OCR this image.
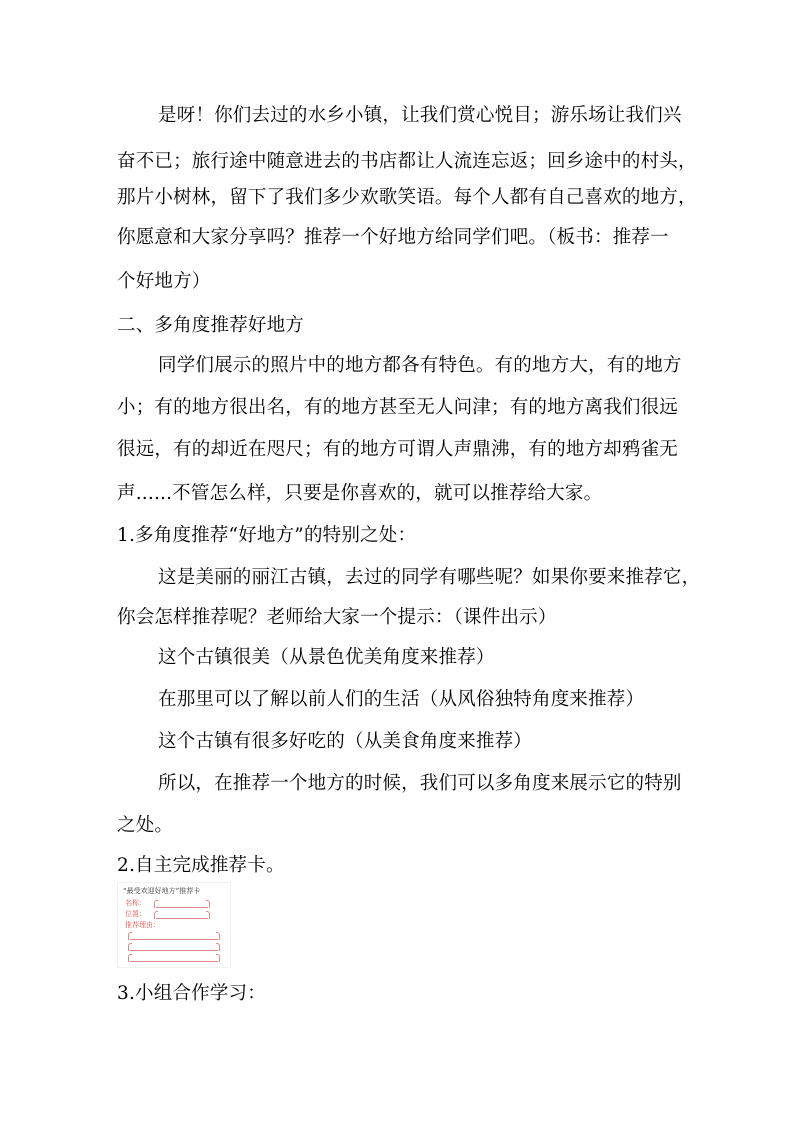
是呀！你们去过的水乡小镇，让我们赏心悦目；游乐场让我们兴
奋不已；旅行途中随意进去的书店都让人流连忘返；回乡途中的村头，
那片小树林，留下了我们多少欢歌笑语。每个人都有自己喜欢的地方，
你愿意和大家分享吗？推荐一个好地方给同学们吧。（板书：推荐一
个好地方）
二、多角度推荐好地方
同学们展示的照片中的地方都各有特色。有的地方大，有的地方
小；有的地方很出名，有的地方甚至无人问津；有的地方离我们很远
很远，有的却近在咫尺；有的地方可谓人声鼎沸，有的地方却鸦雀无
声......不管怎么样，只要是你喜欢的，就可以推荐给大家。
1.多角度推荐“好地方”的特别之处：
这是美丽的丽江古镇，去过的同学有哪些呢？如果你要来推荐它，
你会怎样推荐呢？老师给大家一个提示：（课件出示）
这个古镇很美（从景色优美角度来推荐）
在那里可以了解以前人们的生活（从风俗独特角度来推荐）
这个古镇有很多好吃的（从美食角度来推荐）
所以，在推荐一个地方的时候，我们可以多角度来展示它的特别
之处。
2.自主完成推荐卡。
“最受欢迎好地方”推荐卡
名称：
位置：
推荐理由：
3.小组合作学习：
